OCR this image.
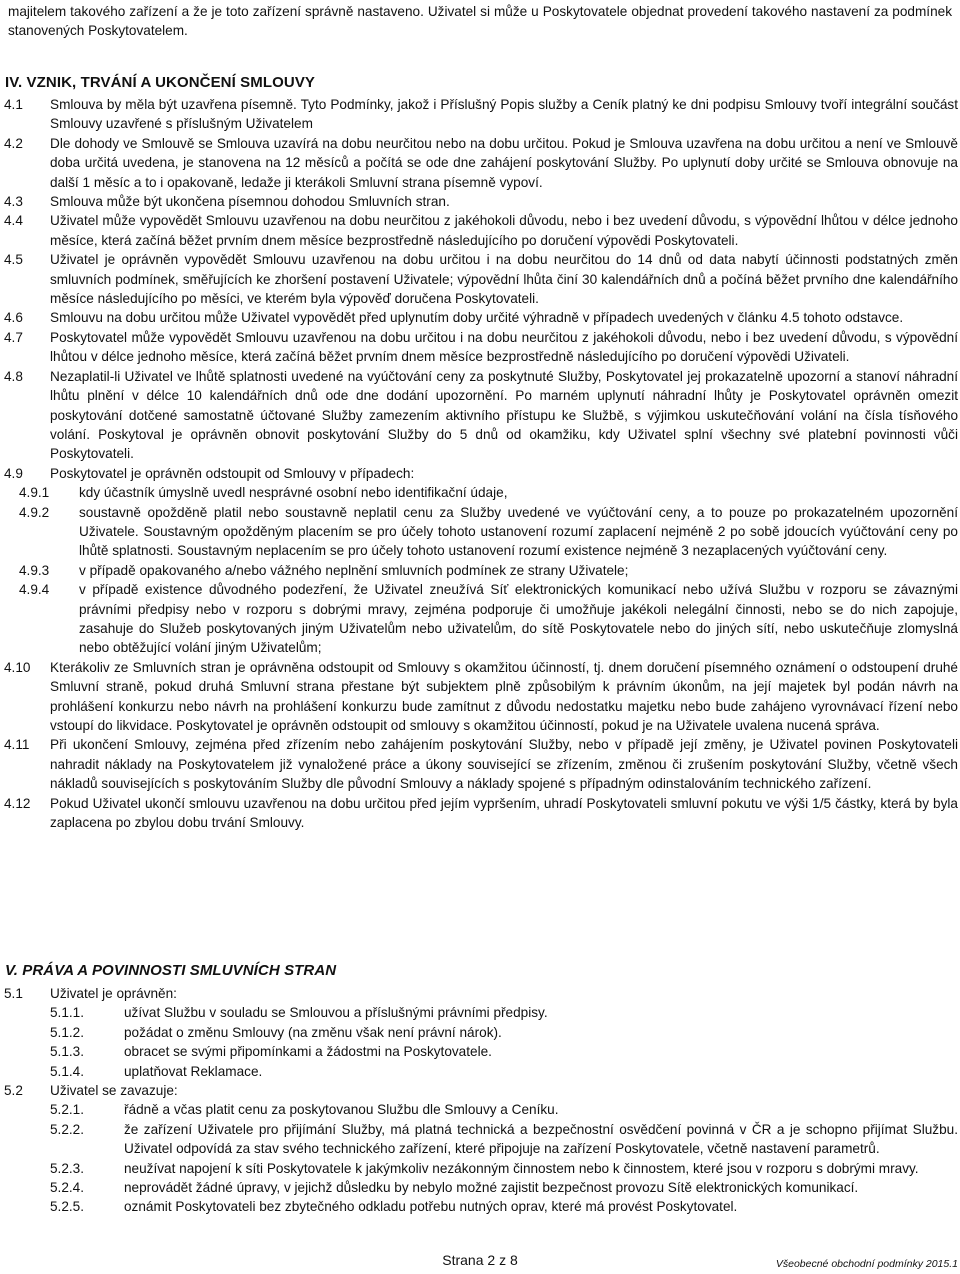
majitelem takového zařízení a že je toto zařízení správně nastaveno. Uživatel si může u Poskytovatele objednat provedení takového nastavení za podmínek stanovených Poskytovatelem.
IV. VZNIK, TRVÁNÍ A UKONČENÍ SMLOUVY
4.1 Smlouva by měla být uzavřena písemně. Tyto Podmínky, jakož i Příslušný Popis služby a Ceník platný ke dni podpisu Smlouvy tvoří integrální součást Smlouvy uzavřené s příslušným Uživatelem
4.2 Dle dohody ve Smlouvě se Smlouva uzavírá na dobu neurčitou nebo na dobu určitou. Pokud je Smlouva uzavřena na dobu určitou a není ve Smlouvě doba určitá uvedena, je stanovena na 12 měsíců a počítá se ode dne zahájení poskytování Služby. Po uplynutí doby určité se Smlouva obnovuje na další 1 měsíc a to i opakovaně, ledaže ji kterákoli Smluvní strana písemně vypoví.
4.3 Smlouva může být ukončena písemnou dohodou Smluvních stran.
4.4 Uživatel může vypovědět Smlouvu uzavřenou na dobu neurčitou z jakéhokoli důvodu, nebo i bez uvedení důvodu, s výpovědní lhůtou v délce jednoho měsíce, která začíná běžet prvním dnem měsíce bezprostředně následujícího po doručení výpovědi Poskytovateli.
4.5 Uživatel je oprávněn vypovědět Smlouvu uzavřenou na dobu určitou i na dobu neurčitou do 14 dnů od data nabytí účinnosti podstatných změn smluvních podmínek, směřujících ke zhoršení postavení Uživatele; výpovědní lhůta činí 30 kalendářních dnů a počíná běžet prvního dne kalendářního měsíce následujícího po měsíci, ve kterém byla výpověď doručena Poskytovateli.
4.6 Smlouvu na dobu určitou může Uživatel vypovědět před uplynutím doby určité výhradně v případech uvedených v článku 4.5 tohoto odstavce.
4.7 Poskytovatel může vypovědět Smlouvu uzavřenou na dobu určitou i na dobu neurčitou z jakéhokoli důvodu, nebo i bez uvedení důvodu, s výpovědní lhůtou v délce jednoho měsíce, která začíná běžet prvním dnem měsíce bezprostředně následujícího po doručení výpovědi Uživateli.
4.8 Nezaplatil-li Uživatel ve lhůtě splatnosti uvedené na vyúčtování ceny za poskytnuté Služby, Poskytovatel jej prokazatelně upozorní a stanoví náhradní lhůtu plnění v délce 10 kalendářních dnů ode dne dodání upozornění. Po marném uplynutí náhradní lhůty je Poskytovatel oprávněn omezit poskytování dotčené samostatně účtované Služby zamezením aktivního přístupu ke Službě, s výjimkou uskutečňování volání na čísla tísňového volání. Poskytoval je oprávněn obnovit poskytování Služby do 5 dnů od okamžiku, kdy Uživatel splní všechny své platební povinnosti vůči Poskytovateli.
4.9 Poskytovatel je oprávněn odstoupit od Smlouvy v případech:
4.9.1 kdy účastník úmyslně uvedl nesprávné osobní nebo identifikační údaje,
4.9.2 soustavně opožděně platil nebo soustavně neplatil cenu za Služby uvedené ve vyúčtování ceny, a to pouze po prokazatelném upozornění Uživatele. Soustavným opožděným placením se pro účely tohoto ustanovení rozumí zaplacení nejméně 2 po sobě jdoucích vyúčtování ceny po lhůtě splatnosti. Soustavným neplacením se pro účely tohoto ustanovení rozumí existence nejméně 3 nezaplacených vyúčtování ceny.
4.9.3 v případě opakovaného a/nebo vážného neplnění smluvních podmínek ze strany Uživatele;
4.9.4 v případě existence důvodného podezření, že Uživatel zneužívá Síť elektronických komunikací nebo užívá Službu v rozporu se závaznými právními předpisy nebo v rozporu s dobrými mravy, zejména podporuje či umožňuje jakékoli nelegální činnosti, nebo se do nich zapojuje, zasahuje do Služeb poskytovaných jiným Uživatelům nebo uživatelům, do sítě Poskytovatele nebo do jiných sítí, nebo uskutečňuje zlomyslná nebo obtěžující volání jiným Uživatelům;
4.10 Kterákoliv ze Smluvních stran je oprávněna odstoupit od Smlouvy s okamžitou účinností, tj. dnem doručení písemného oznámení o odstoupení druhé Smluvní straně, pokud druhá Smluvní strana přestane být subjektem plně způsobilým k právním úkonům, na její majetek byl podán návrh na prohlášení konkurzu nebo návrh na prohlášení konkurzu bude zamítnut z důvodu nedostatku majetku nebo bude zahájeno vyrovnávací řízení nebo vstoupí do likvidace. Poskytovatel je oprávněn odstoupit od smlouvy s okamžitou účinností, pokud je na Uživatele uvalena nucená správa.
4.11 Při ukončení Smlouvy, zejména před zřízením nebo zahájením poskytování Služby, nebo v případě její změny, je Uživatel povinen Poskytovateli nahradit náklady na Poskytovatelem již vynaložené práce a úkony související se zřízením, změnou či zrušením poskytování Služby, včetně všech nákladů souvisejících s poskytováním Služby dle původní Smlouvy a náklady spojené s případným odinstalováním technického zařízení.
4.12 Pokud Uživatel ukončí smlouvu uzavřenou na dobu určitou před jejím vypršením, uhradí Poskytovateli smluvní pokutu ve výši 1/5 částky, která by byla zaplacena po zbylou dobu trvání Smlouvy.
V. PRÁVA A POVINNOSTI SMLUVNÍCH STRAN
5.1 Uživatel je oprávněn:
5.1.1.	užívat Službu v souladu se Smlouvou a příslušnými právními předpisy.
5.1.2.	požádat o změnu Smlouvy (na změnu však není právní nárok).
5.1.3.	obracet se svými připomínkami a žádostmi na Poskytovatele.
5.1.4.	uplatňovat Reklamace.
5.2 Uživatel se zavazuje:
5.2.1.	řádně a včas platit cenu za poskytovanou Službu dle Smlouvy a Ceníku.
5.2.2.	že zařízení Uživatele pro přijímání Služby, má platná technická a bezpečnostní osvědčení povinná v ČR a je schopno přijímat Službu. Uživatel odpovídá za stav svého technického zařízení, které připojuje na zařízení Poskytovatele, včetně nastavení parametrů.
5.2.3.	neužívat napojení k síti Poskytovatele k jakýmkoliv nezákonným činnostem nebo k činnostem, které jsou v rozporu s dobrými mravy.
5.2.4.	neprovádět žádné úpravy, v jejichž důsledku by nebylo možné zajistit bezpečnost provozu Sítě elektronických komunikací.
5.2.5.	oznámit Poskytovateli bez zbytečného odkladu potřebu nutných oprav, které má provést Poskytovatel.
Strana 2 z 8	Všeobecné obchodní podmínky 2015.1
